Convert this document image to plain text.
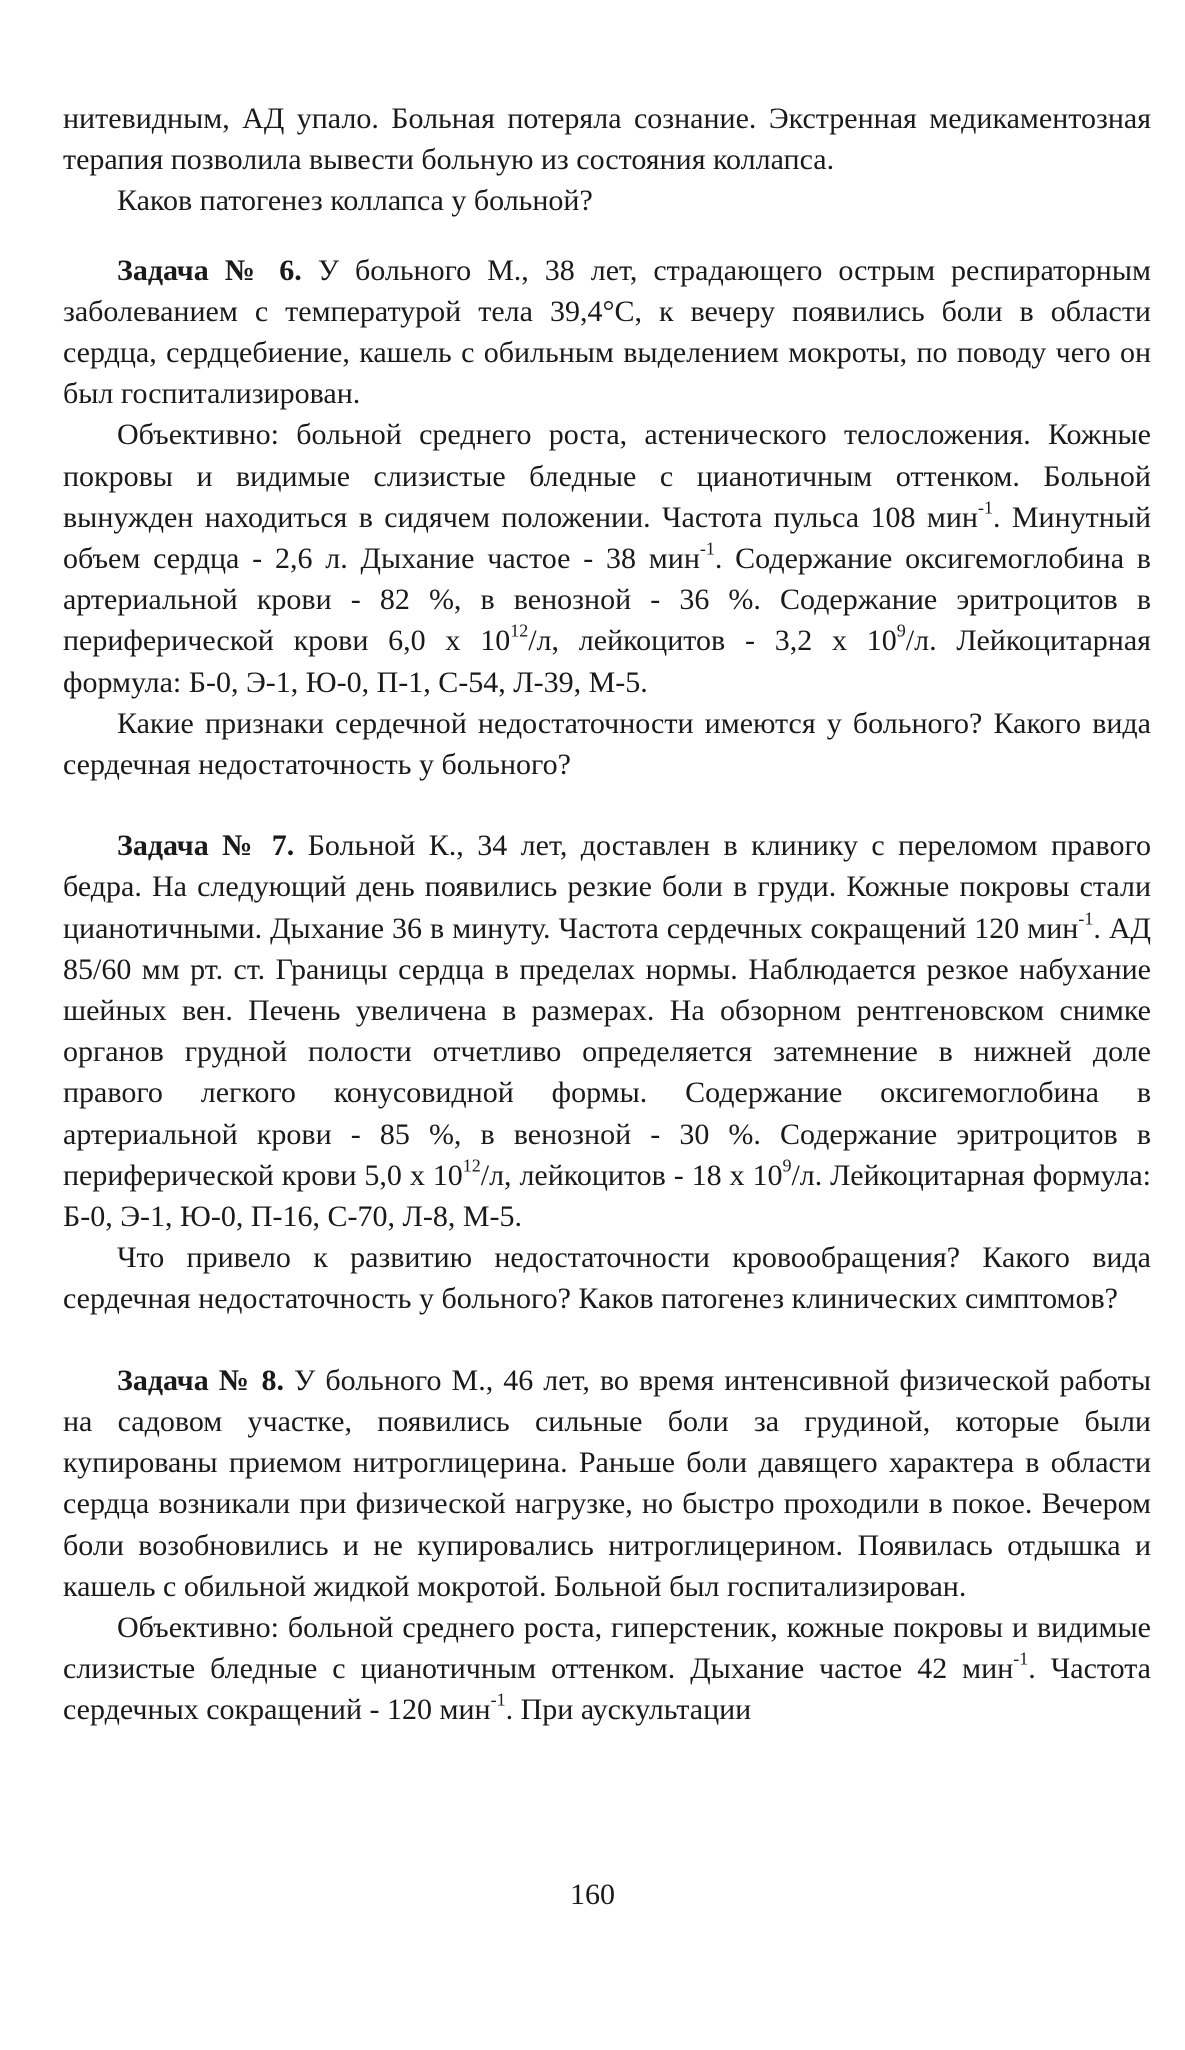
нитевидным, АД упало. Больная потеряла сознание. Экстренная медикаментозная терапия позволила вывести больную из состояния коллапса.

Каков патогенез коллапса у больной?

Задача № 6. У больного М., 38 лет, страдающего острым респираторным заболеванием с температурой тела 39,4°С, к вечеру появились боли в области сердца, сердцебиение, кашель с обильным выделением мокроты, по поводу чего он был госпитализирован.

Объективно: больной среднего роста, астенического телосложения. Кожные покровы и видимые слизистые бледные с цианотичным оттенком. Больной вынужден находиться в сидячем положении. Частота пульса 108 мин$^{-1}$. Минутный объем сердца - 2,6 л. Дыхание частое - 38 мин$^{-1}$. Содержание оксигемоглобина в артериальной крови - 82 %, в венозной - 36 %. Содержание эритроцитов в периферической крови 6,0 х $10^{12}/л$, лейкоцитов - 3,2 х $10^9/л$. Лейкоцитарная формула: Б-0, Э-1, Ю-0, П-1, С-54, Л-39, М-5.

Какие признаки сердечной недостаточности имеются у больного? Какого вида сердечная недостаточность у больного?

Задача № 7. Больной К., 34 лет, доставлен в клинику с переломом правого бедра. На следующий день появились резкие боли в груди. Кожные покровы стали цианотичными. Дыхание 36 в минуту. Частота сердечных сокращений 120 мин$^{-1}$. АД 85/60 мм рт. ст. Границы сердца в пределах нормы. Наблюдается резкое набухание шейных вен. Печень увеличена в размерах. На обзорном рентгеновском снимке органов грудной полости отчетливо определяется затемнение в нижней доле правого легкого конусовидной формы. Содержание оксигемоглобина в артериальной крови - 85 %, в венозной - 30 %. Содержание эритроцитов в периферической крови 5,0 х $10^{12}/л$, лейкоцитов - 18 х $10^9/л$. Лейкоцитарная формула: Б-0, Э-1, Ю-0, П-16, С-70, Л-8, М-5.

Что привело к развитию недостаточности кровообращения? Какого вида сердечная недостаточность у больного? Каков патогенез клинических симптомов?

Задача № 8. У больного М., 46 лет, во время интенсивной физической работы на садовом участке, появились сильные боли за грудиной, которые были купированы приемом нитроглицерина. Раньше боли давящего характера в области сердца возникали при физической нагрузке, но быстро проходили в покое. Вечером боли возобновились и не купировались нитроглицерином. Появилась отдышка и кашель с обильной жидкой мокротой. Больной был госпитализирован.

Объективно: больной среднего роста, гиперстеник, кожные покровы и видимые слизистые бледные с цианотичным оттенком. Дыхание частое 42 мин$^{-1}$. Частота сердечных сокращений - 120 мин$^{-1}$. При аускультации

160
